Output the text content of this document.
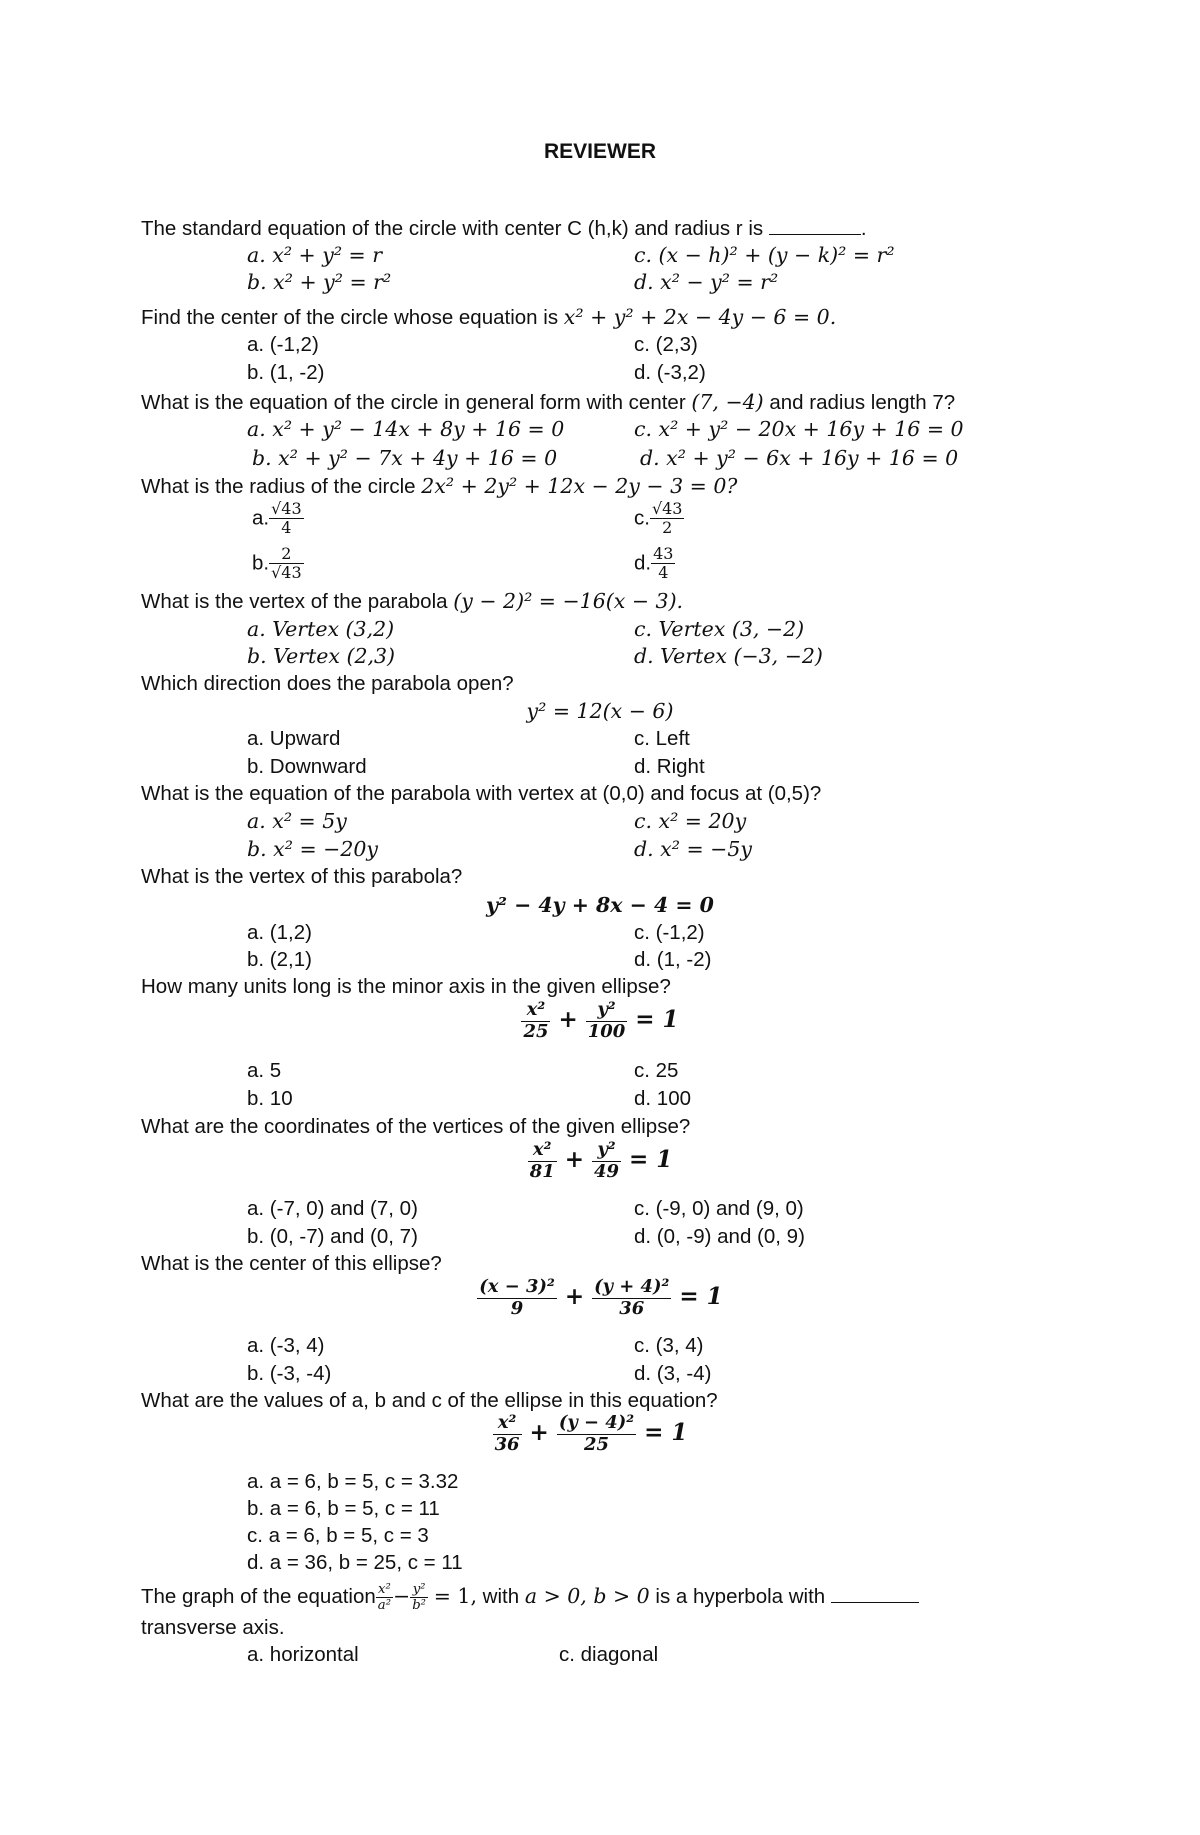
REVIEWER
The standard equation of the circle with center C (h,k) and radius r is	.
a. x² + y² = r
b. x² + y² = r²
c. (x − h)² + (y − k)² = r²
d. x² − y² = r²
Find the center of the circle whose equation is x² + y² + 2x − 4y − 6 = 0.
a. (-1,2)
b. (1, -2)
c. (2,3)
d. (-3,2)
What is the equation of the circle in general form with center (7, −4) and radius length 7?
a. x² + y² − 14x + 8y + 16 = 0
b. x² + y² − 7x + 4y + 16 = 0
c. x² + y² − 20x + 16y + 16 = 0
d. x² + y² − 6x + 16y + 16 = 0
What is the radius of the circle 2x² + 2y² + 12x − 2y − 3 = 0?
a. $\frac{√43}{4}$
b. $\frac{2}{√43}$
c. $\frac{√43}{2}$
d. $\frac{43}{4}$
What is the vertex of the parabola (y − 2)² = −16(x − 3).
a. Vertex (3,2)
b. Vertex (2,3)
c. Vertex (3, −2)
d. Vertex (−3, −2)
Which direction does the parabola open?
y² = 12(x − 6)
a. Upward
b. Downward
c. Left
d. Right
What is the equation of the parabola with vertex at (0,0) and focus at (0,5)?
a. x² = 5y
b. x² = −20y
c. x² = 20y
d. x² = −5y
What is the vertex of this parabola?
y² − 4y + 8x − 4 = 0
a. (1,2)
b. (2,1)
c. (-1,2)
d. (1, -2)
How many units long is the minor axis in the given ellipse?
$\frac{\text{x²}}{25} + \frac{\text{y²}}{100} = 1$
a. 5
b. 10
c. 25
d. 100
What are the coordinates of the vertices of the given ellipse?
$\frac{\text{x²}}{81} + \frac{\text{y²}}{49} = 1$
a. (-7, 0) and (7, 0)
b. (0, -7) and (0, 7)
c. (-9, 0) and (9, 0)
d. (0, -9) and (0, 9)
What is the center of this ellipse?
$\frac{\text{(x − 3)²}}{9} + \frac{\text{(y + 4)²}}{36} = 1$
a. (-3, 4)
b. (-3, -4)
c. (3, 4)
d. (3, -4)
What are the values of a, b and c of the ellipse in this equation?
$\frac{\text{x²}}{36} + \frac{\text{(y − 4)²}}{25} = 1$
a. a = 6, b = 5, c = 3.32
b. a = 6, b = 5, c = 11
c. a = 6, b = 5, c = 3
d. a = 36, b = 25, c = 11
The graph of the equation $\frac{\text{x²}}{\text{a²}} - \frac{\text{y²}}{\text{b²}} = 1$, with a > 0, b > 0 is a hyperbola with
transverse axis.
a. horizontal	c. diagonal
